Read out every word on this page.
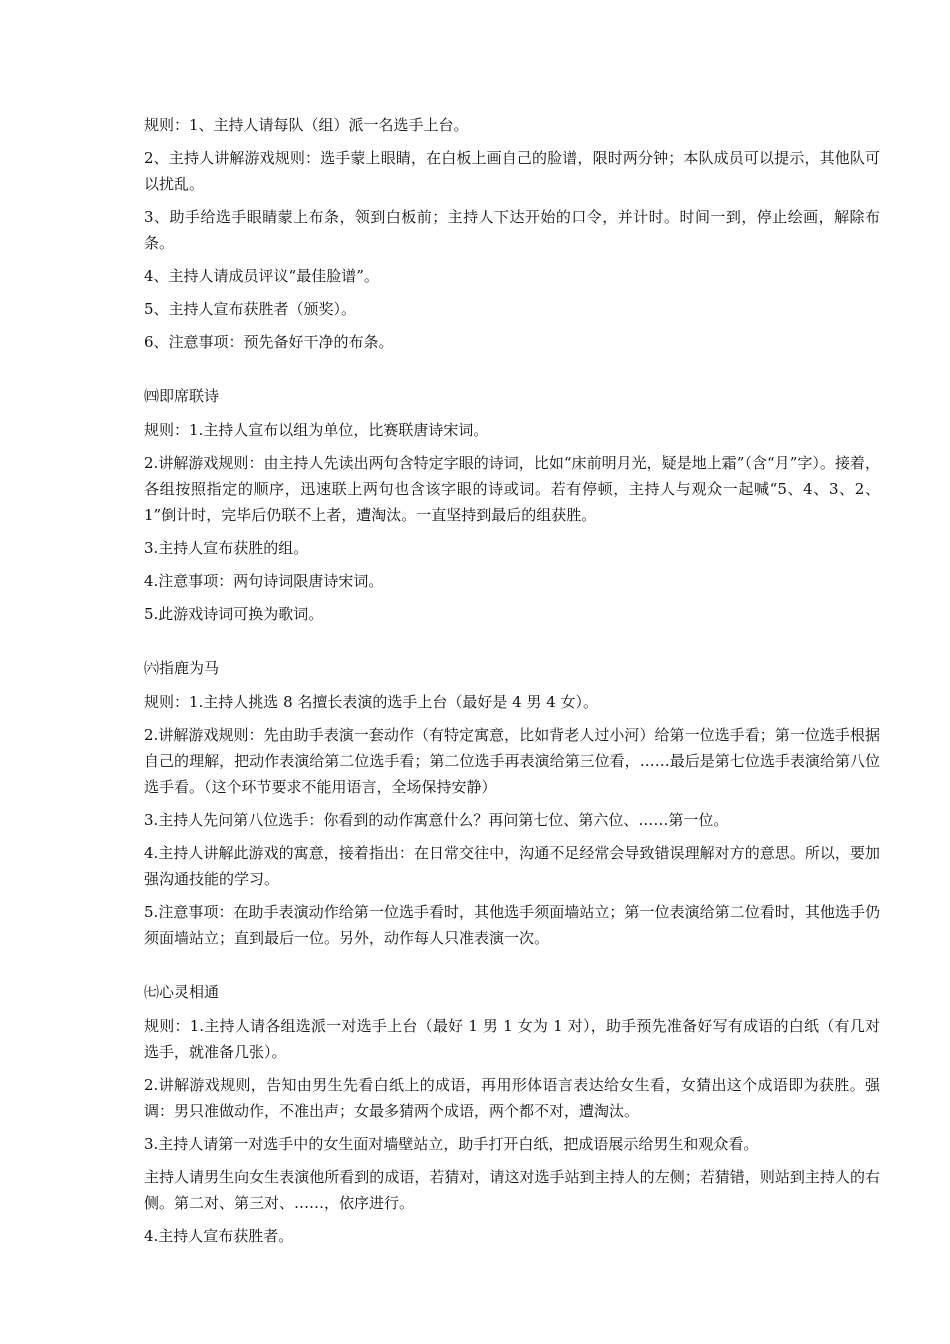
规则：1、主持人请每队（组）派一名选手上台。

2、主持人讲解游戏规则：选手蒙上眼睛，在白板上画自己的脸谱，限时两分钟；本队成员可以提示，其他队可以扰乱。

3、助手给选手眼睛蒙上布条，领到白板前；主持人下达开始的口令，并计时。时间一到，停止绘画，解除布条。

4、主持人请成员评议“最佳脸谱”。

5、主持人宣布获胜者（颁奖）。

6、注意事项：预先备好干净的布条。

㈣即席联诗

规则：1.主持人宣布以组为单位，比赛联唐诗宋词。

2.讲解游戏规则：由主持人先读出两句含特定字眼的诗词，比如“床前明月光，疑是地上霜”（含“月”字）。接着，各组按照指定的顺序，迅速联上两句也含该字眼的诗或词。若有停顿，主持人与观众一起喊“5、4、3、2、1”倒计时，完毕后仍联不上者，遭淘汰。一直坚持到最后的组获胜。

3.主持人宣布获胜的组。

4.注意事项：两句诗词限唐诗宋词。

5.此游戏诗词可换为歌词。

㈥指鹿为马

规则：1.主持人挑选 8 名擅长表演的选手上台（最好是 4 男 4 女）。

2.讲解游戏规则：先由助手表演一套动作（有特定寓意，比如背老人过小河）给第一位选手看；第一位选手根据自己的理解，把动作表演给第二位选手看；第二位选手再表演给第三位看，……最后是第七位选手表演给第八位选手看。（这个环节要求不能用语言，全场保持安静）

3.主持人先问第八位选手：你看到的动作寓意什么？再问第七位、第六位、……第一位。

4.主持人讲解此游戏的寓意，接着指出：在日常交往中，沟通不足经常会导致错误理解对方的意思。所以，要加强沟通技能的学习。

5.注意事项：在助手表演动作给第一位选手看时，其他选手须面墙站立；第一位表演给第二位看时，其他选手仍须面墙站立；直到最后一位。另外，动作每人只准表演一次。

㈦心灵相通

规则：1.主持人请各组选派一对选手上台（最好 1 男 1 女为 1 对），助手预先准备好写有成语的白纸（有几对选手，就准备几张）。

2.讲解游戏规则，告知由男生先看白纸上的成语，再用形体语言表达给女生看，女猜出这个成语即为获胜。强调：男只准做动作，不准出声；女最多猜两个成语，两个都不对，遭淘汰。

3.主持人请第一对选手中的女生面对墙壁站立，助手打开白纸，把成语展示给男生和观众看。

主持人请男生向女生表演他所看到的成语，若猜对，请这对选手站到主持人的左侧；若猜错，则站到主持人的右侧。第二对、第三对、……，依序进行。

4.主持人宣布获胜者。
